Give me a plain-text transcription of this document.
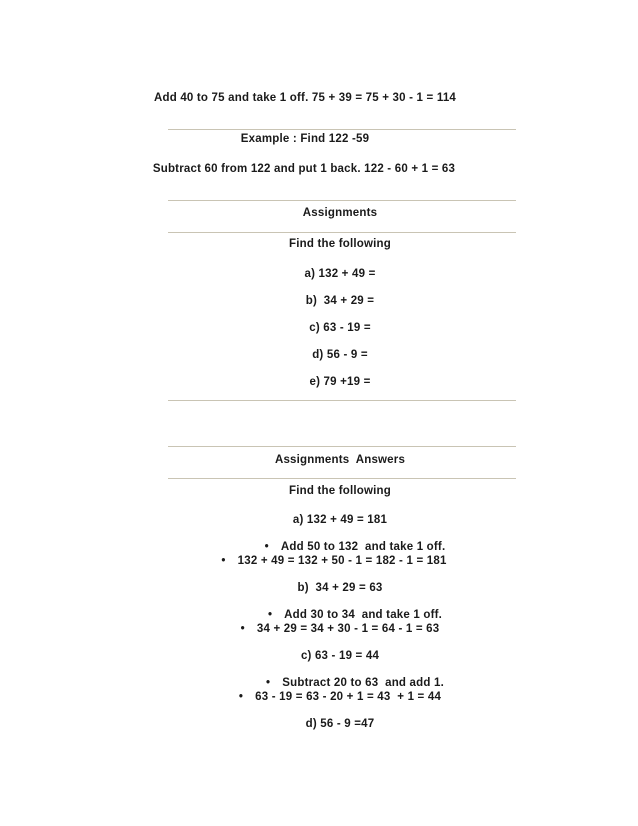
Add 40 to 75 and take 1 off. 75 + 39 = 75 + 30 - 1 = 114
Example : Find 122 -59
Subtract 60 from 122 and put 1 back. 122 - 60 + 1 = 63
Assignments
Find the following
a) 132 + 49 =
b)  34 + 29 =
c) 63 - 19 =
d) 56 - 9 =
e) 79 +19 =
Assignments  Answers
Find the following
a) 132 + 49 = 181
• Add 50 to 132  and take 1 off.
• 132 + 49 = 132 + 50 - 1 = 182 - 1 = 181
b)  34 + 29 = 63
• Add 30 to 34  and take 1 off.
• 34 + 29 = 34 + 30 - 1 = 64 - 1 = 63
c) 63 - 19 = 44
• Subtract 20 to 63  and add 1.
• 63 - 19 = 63 - 20 + 1 = 43  + 1 = 44
d) 56 - 9 =47
